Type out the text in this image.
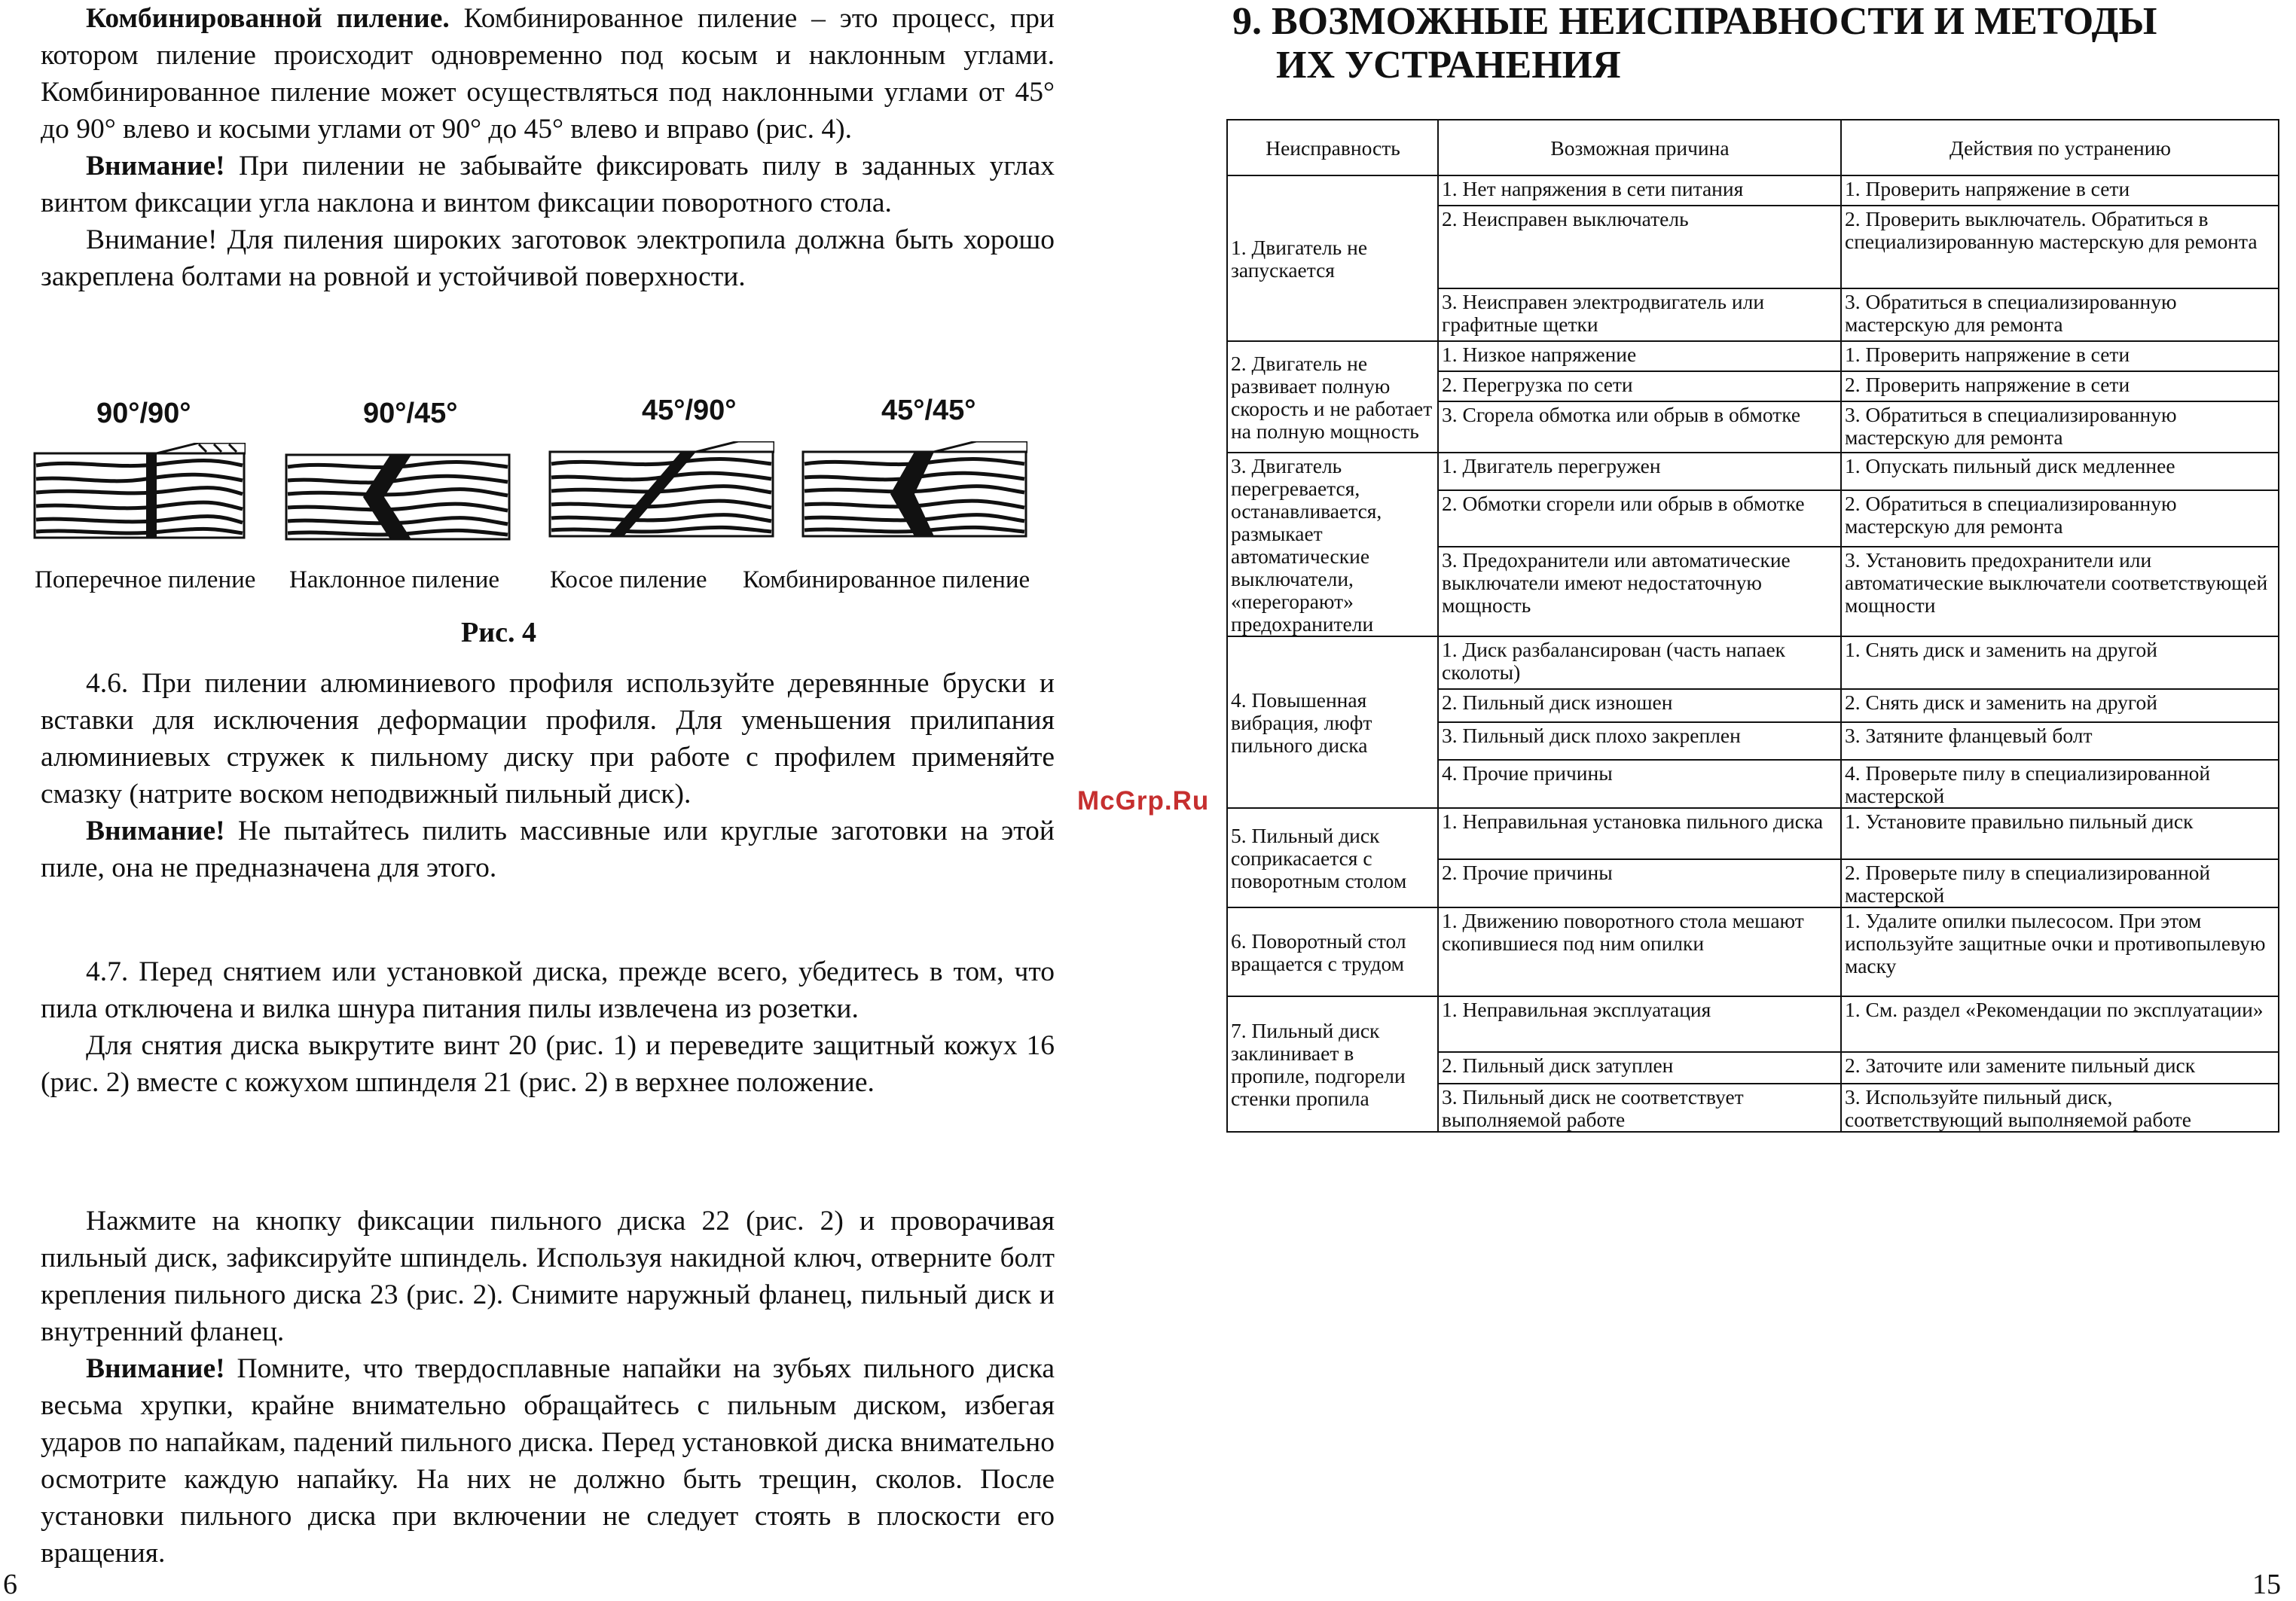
Комбинированной пиление. Комбинированное пиление – это процесс, при котором пиление происходит одновременно под косым и наклонным углами. Комбинированное пиление может осуществляться под наклонными углами от 45° до 90° влево и косыми углами от 90° до 45° влево и вправо (рис. 4).

Внимание! При пилении не забывайте фиксировать пилу в заданных углах винтом фиксации угла наклона и винтом фиксации поворотного стола.

Внимание! Для пиления широких заготовок электропила должна быть хорошо закреплена болтами на ровной и устойчивой поверхности.

90°/90°	90°/45°	45°/90°	45°/45°
Поперечное пиление Наклонное пиление Косое пиление Комбинированное пиление
Рис. 4

4.6. При пилении алюминиевого профиля используйте деревянные бруски и вставки для исключения деформации профиля. Для уменьшения прилипания алюминиевых стружек к пильному диску при работе с профилем применяйте смазку (натрите воском неподвижный пильный диск).

Внимание! Не пытайтесь пилить массивные или круглые заготовки на этой пиле, она не предназначена для этого.

4.7. Перед снятием или установкой диска, прежде всего, убедитесь в том, что пила отключена и вилка шнура питания пилы извлечена из розетки.

Для снятия диска выкрутите винт 20 (рис. 1) и переведите защитный кожух 16 (рис. 2) вместе с кожухом шпинделя 21 (рис. 2) в верхнее положение.

Нажмите на кнопку фиксации пильного диска 22 (рис. 2) и проворачивая пильный диск, зафиксируйте шпиндель. Используя накидной ключ, отверните болт крепления пильного диска 23 (рис. 2). Снимите наружный фланец, пильный диск и внутренний фланец.

Внимание! Помните, что твердосплавные напайки на зубьях пильного диска весьма хрупки, крайне внимательно обращайтесь с пильным диском, избегая ударов по напайкам, падений пильного диска. Перед установкой диска внимательно осмотрите каждую напайку. На них не должно быть трещин, сколов. После установки пильного диска при включении не следует стоять в плоскости его вращения.

6
McGrp.Ru
9. ВОЗМОЖНЫЕ НЕИСПРАВНОСТИ И МЕТОДЫ
ИХ УСТРАНЕНИЯ
Неисправность	Возможная причина	Действия по устранению
1. Двигатель не запускается	1. Нет напряжения в сети питания	1. Проверить напряжение в сети
	2. Неисправен выключатель	2. Проверить выключатель. Обратиться в специализированную мастерскую для ремонта
	3. Неисправен электродвигатель или графитные щетки	3. Обратиться в специализированную мастерскую для ремонта
2. Двигатель не развивает полную скорость и не работает на полную мощность	1. Низкое напряжение	1. Проверить напряжение в сети
	2. Перегрузка по сети	2. Проверить напряжение в сети
	3. Сгорела обмотка или обрыв в обмотке	3. Обратиться в специализированную мастерскую для ремонта
3. Двигатель перегревается, останавливается, размыкает автоматические выключатели, «перегорают» предохранители	1. Двигатель перегружен	1. Опускать пильный диск медленнее
	2. Обмотки сгорели или обрыв в обмотке	2. Обратиться в специализированную мастерскую для ремонта
	3. Предохранители или автоматические выключатели имеют недостаточную мощность	3. Установить предохранители или автоматические выключатели соответствующей мощности
4. Повышенная вибрация, люфт пильного диска	1. Диск разбалансирован (часть напаек сколоты)	1. Снять диск и заменить на другой
	2. Пильный диск изношен	2. Снять диск и заменить на другой
	3. Пильный диск плохо закреплен	3. Затяните фланцевый болт
	4. Прочие причины	4. Проверьте пилу в специализированной мастерской
5. Пильный диск соприкасается с поворотным столом	1. Неправильная установка пильного диска	1. Установите правильно пильный диск
	2. Прочие причины	2. Проверьте пилу в специализированной мастерской
6. Поворотный стол вращается с трудом	1. Движению поворотного стола мешают скопившиеся под ним опилки	1. Удалите опилки пылесосом. При этом используйте защитные очки и противопылевую маску
7. Пильный диск заклинивает в пропиле, подгорели стенки пропила	1. Неправильная эксплуатация	1. См. раздел «Рекомендации по эксплуатации»
	2. Пильный диск затуплен	2. Заточите или замените пильный диск
	3. Пильный диск не соответствует выполняемой работе	3. Используйте пильный диск, соответствующий выполняемой работе
15
